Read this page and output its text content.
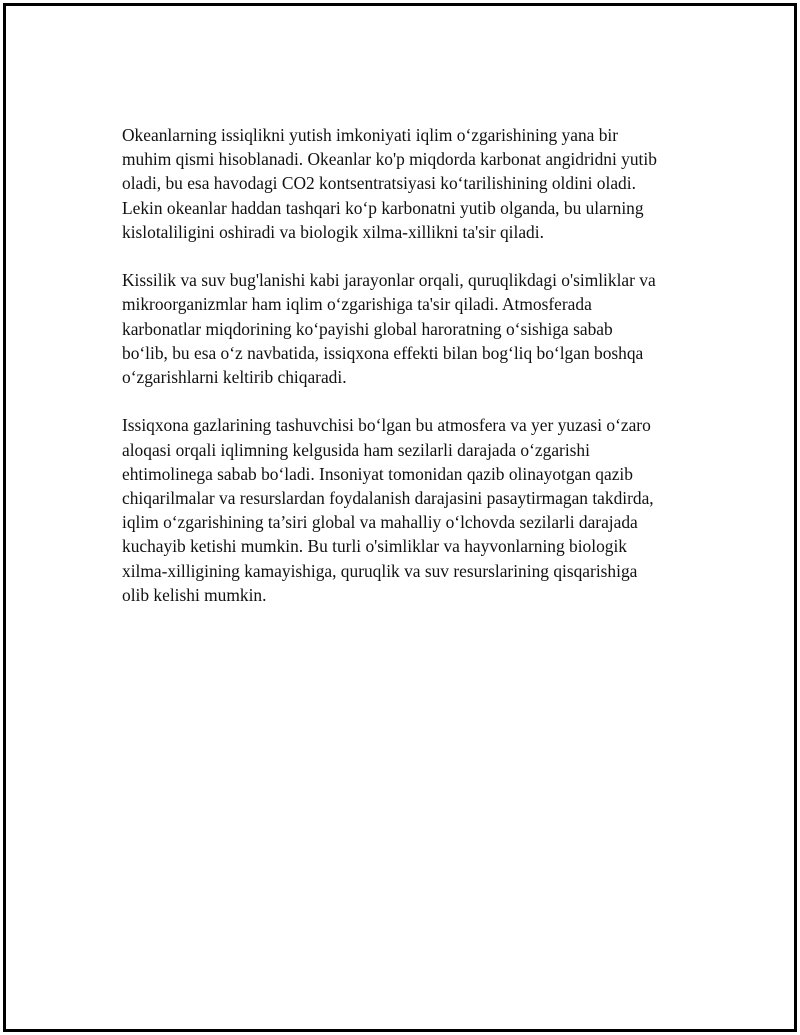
Okeanlarning issiqlikni yutish imkoniyati iqlim o‘zgarishining yana bir
muhim qismi hisoblanadi. Okeanlar ko'p miqdorda karbonat angidridni yutib
oladi, bu esa havodagi CO2 kontsentratsiyasi ko‘tarilishining oldini oladi.
Lekin okeanlar haddan tashqari ko‘p karbonatni yutib olganda, bu ularning
kislotaliligini oshiradi va biologik xilma-xillikni ta'sir qiladi.

Kissilik va suv bug'lanishi kabi jarayonlar orqali, quruqlikdagi o'simliklar va
mikroorganizmlar ham iqlim o‘zgarishiga ta'sir qiladi. Atmosferada
karbonatlar miqdorining ko‘payishi global haroratning o‘sishiga sabab
bo‘lib, bu esa o‘z navbatida, issiqxona effekti bilan bog‘liq bo‘lgan boshqa
o‘zgarishlarni keltirib chiqaradi.

Issiqxona gazlarining tashuvchisi bo‘lgan bu atmosfera va yer yuzasi o‘zaro
aloqasi orqali iqlimning kelgusida ham sezilarli darajada o‘zgarishi
ehtimolinega sabab bo‘ladi. Insoniyat tomonidan qazib olinayotgan qazib
chiqarilmalar va resurslardan foydalanish darajasini pasaytirmagan takdirda,
iqlim o‘zgarishining ta’siri global va mahalliy o‘lchovda sezilarli darajada
kuchayib ketishi mumkin. Bu turli o'simliklar va hayvonlarning biologik
xilma-xilligining kamayishiga, quruqlik va suv resurslarining qisqarishiga
olib kelishi mumkin.
